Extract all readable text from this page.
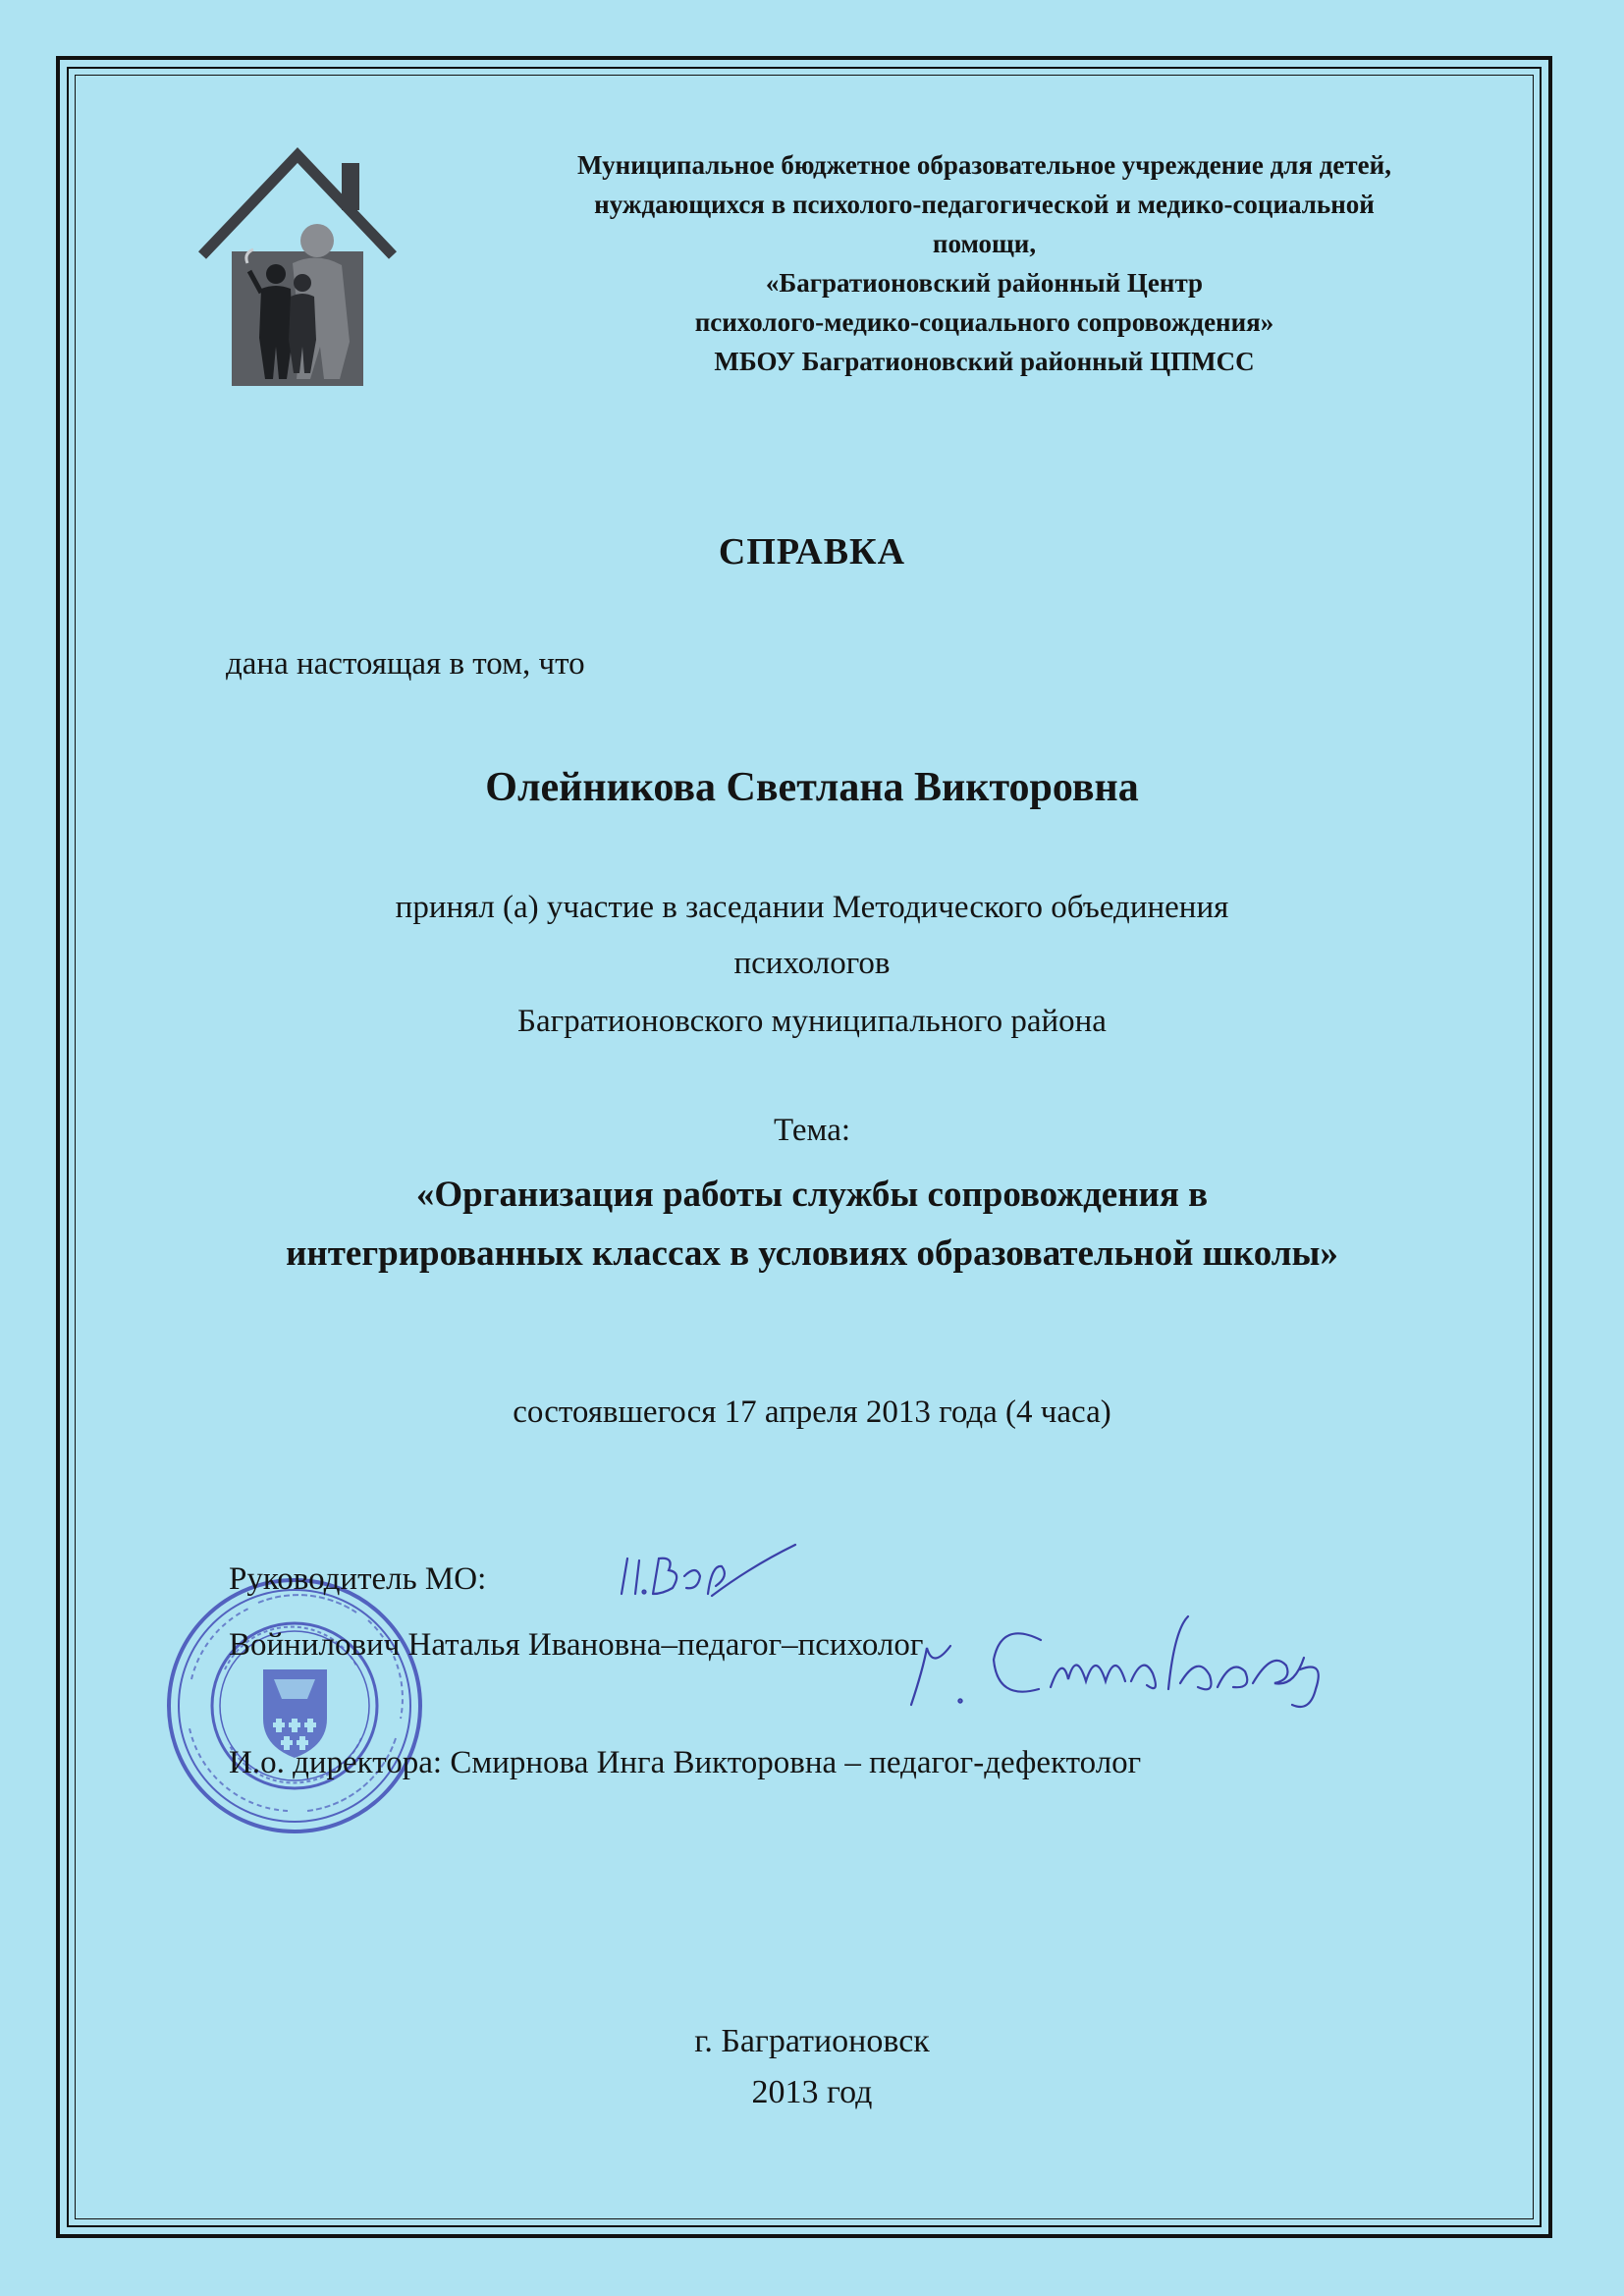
Муниципальное бюджетное образовательное учреждение для детей,
нуждающихся в психолого-педагогической и медико-социальной
помощи,
«Багратионовский районный Центр
психолого-медико-социального сопровождения»
МБОУ Багратионовский районный ЦПМСС
СПРАВКА
дана настоящая в том, что
Олейникова Светлана Викторовна
принял (а) участие в заседании Методического объединения
психологов
Багратионовского муниципального района
Тема:
«Организация работы службы сопровождения в
интегрированных классах в условиях образовательной школы»
состоявшегося 17 апреля 2013 года (4 часа)
Руководитель МО:
Войнилович Наталья Ивановна–педагог–психолог
И.о. директора: Смирнова Инга Викторовна – педагог-дефектолог
г. Багратионовск
2013 год
